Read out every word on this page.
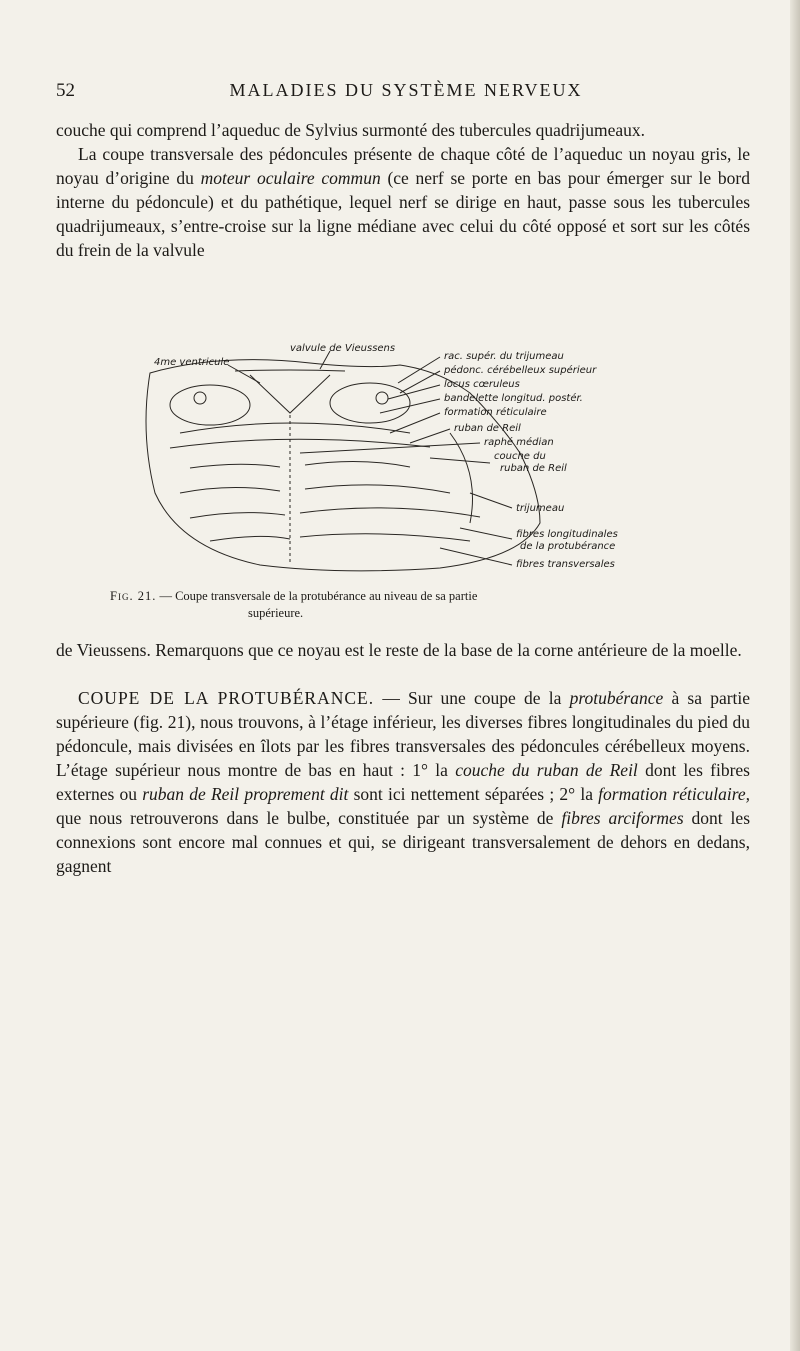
52	MALADIES DU SYSTÈME NERVEUX

couche qui comprend l’aqueduc de Sylvius surmonté des tubercules quadrijumeaux.
La coupe transversale des pédoncules présente de chaque côté de l’aqueduc un noyau gris, le noyau d’origine du moteur oculaire commun (ce nerf se porte en bas pour émerger sur le bord interne du pédoncule) et du pathétique, lequel nerf se dirige en haut, passe sous les tubercules quadrijumeaux, s’entre-croise sur la ligne médiane avec celui du côté opposé et sort sur les côtés du frein de la valvule

valvule de Vieussens
4me ventricule
rac. supér. du trijumeau
pédonc. cérébelleux supérieur
locus cœruleus
bandelette longitud. postér.
formation réticulaire
ruban de Reil
raphé médian
couche du
ruban de Reil
trijumeau
fibres longitudinales
de la protubérance
fibres transversales
Fig. 21. — Coupe transversale de la protubérance au niveau de sa partie
supérieure.

de Vieussens. Remarquons que ce noyau est le reste de la base de la corne antérieure de la moelle.

COUPE DE LA PROTUBÉRANCE. — Sur une coupe de la protubérance à sa partie supérieure (fig. 21), nous trouvons, à l’étage inférieur, les diverses fibres longitudinales du pied du pédoncule, mais divisées en îlots par les fibres transversales des pédoncules cérébelleux moyens. L’étage supérieur nous montre de bas en haut : 1° la couche du ruban de Reil dont les fibres externes ou ruban de Reil proprement dit sont ici nettement séparées ; 2° la formation réticulaire, que nous retrouverons dans le bulbe, constituée par un système de fibres arciformes dont les connexions sont encore mal connues et qui, se dirigeant transversalement de dehors en dedans, gagnent
